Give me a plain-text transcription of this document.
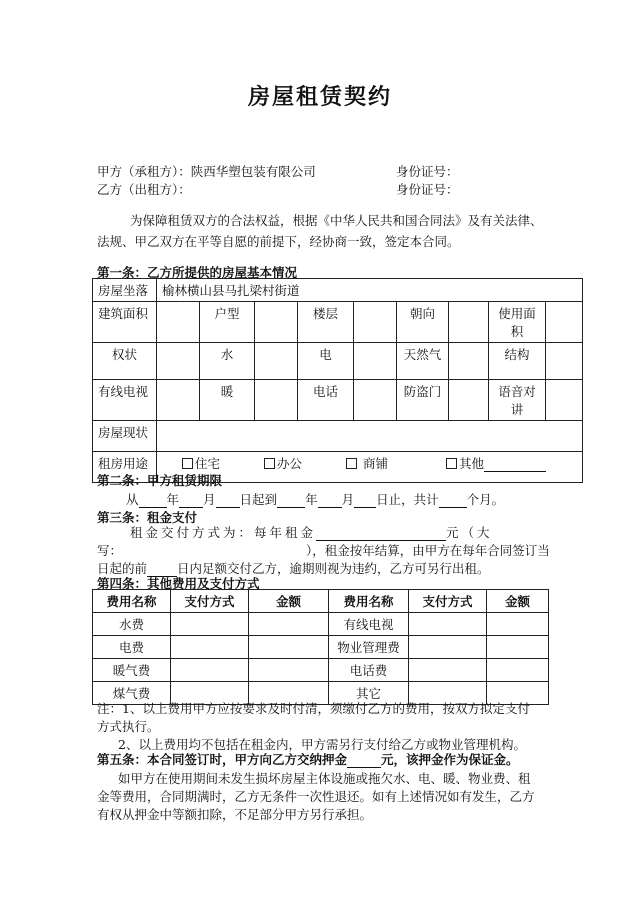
房屋租赁契约
甲方（承租方）：陕西华塑包装有限公司	身份证号：
乙方（出租方）：	身份证号：
为保障租赁双方的合法权益，根据《中华人民共和国合同法》及有关法律、
法规、甲乙双方在平等自愿的前提下，经协商一致，签定本合同。
第一条：乙方所提供的房屋基本情况
房屋坐落	榆林横山县马扎梁村街道								
建筑面积		户型		楼层		朝向		使用面积	
权状		水		电		天然气		结构	
有线电视		暖		电话		防盗门		语音对讲	
房屋现状									
租房用途	住宅 办公 商铺 其他								
第二条：甲方租赁期限
从 年 月 日起到 年 月 日止，共计 个月。
第三条：租金支付
租金交付方式为：每年租金	元（大
写：	），租金按年结算，由甲方在每年合同签订当
日起的前 日内足额交付乙方，逾期则视为违约，乙方可另行出租。
第四条：其他费用及支付方式
费用名称	支付方式	金额	费用名称	支付方式	金额
水费			有线电视		
电费			物业管理费		
暖气费			电话费		
煤气费			其它		
注：1、以上费用甲方应按要求及时付清，须缴付乙方的费用，按双方拟定支付
方式执行。
2、以上费用均不包括在租金内，甲方需另行支付给乙方或物业管理机构。
第五条：本合同签订时，甲方向乙方交纳押金	元，该押金作为保证金。
如甲方在使用期间未发生损坏房屋主体设施或拖欠水、电、暖、物业费、租
金等费用，合同期满时，乙方无条件一次性退还。如有上述情况如有发生，乙方
有权从押金中等额扣除，不足部分甲方另行承担。
